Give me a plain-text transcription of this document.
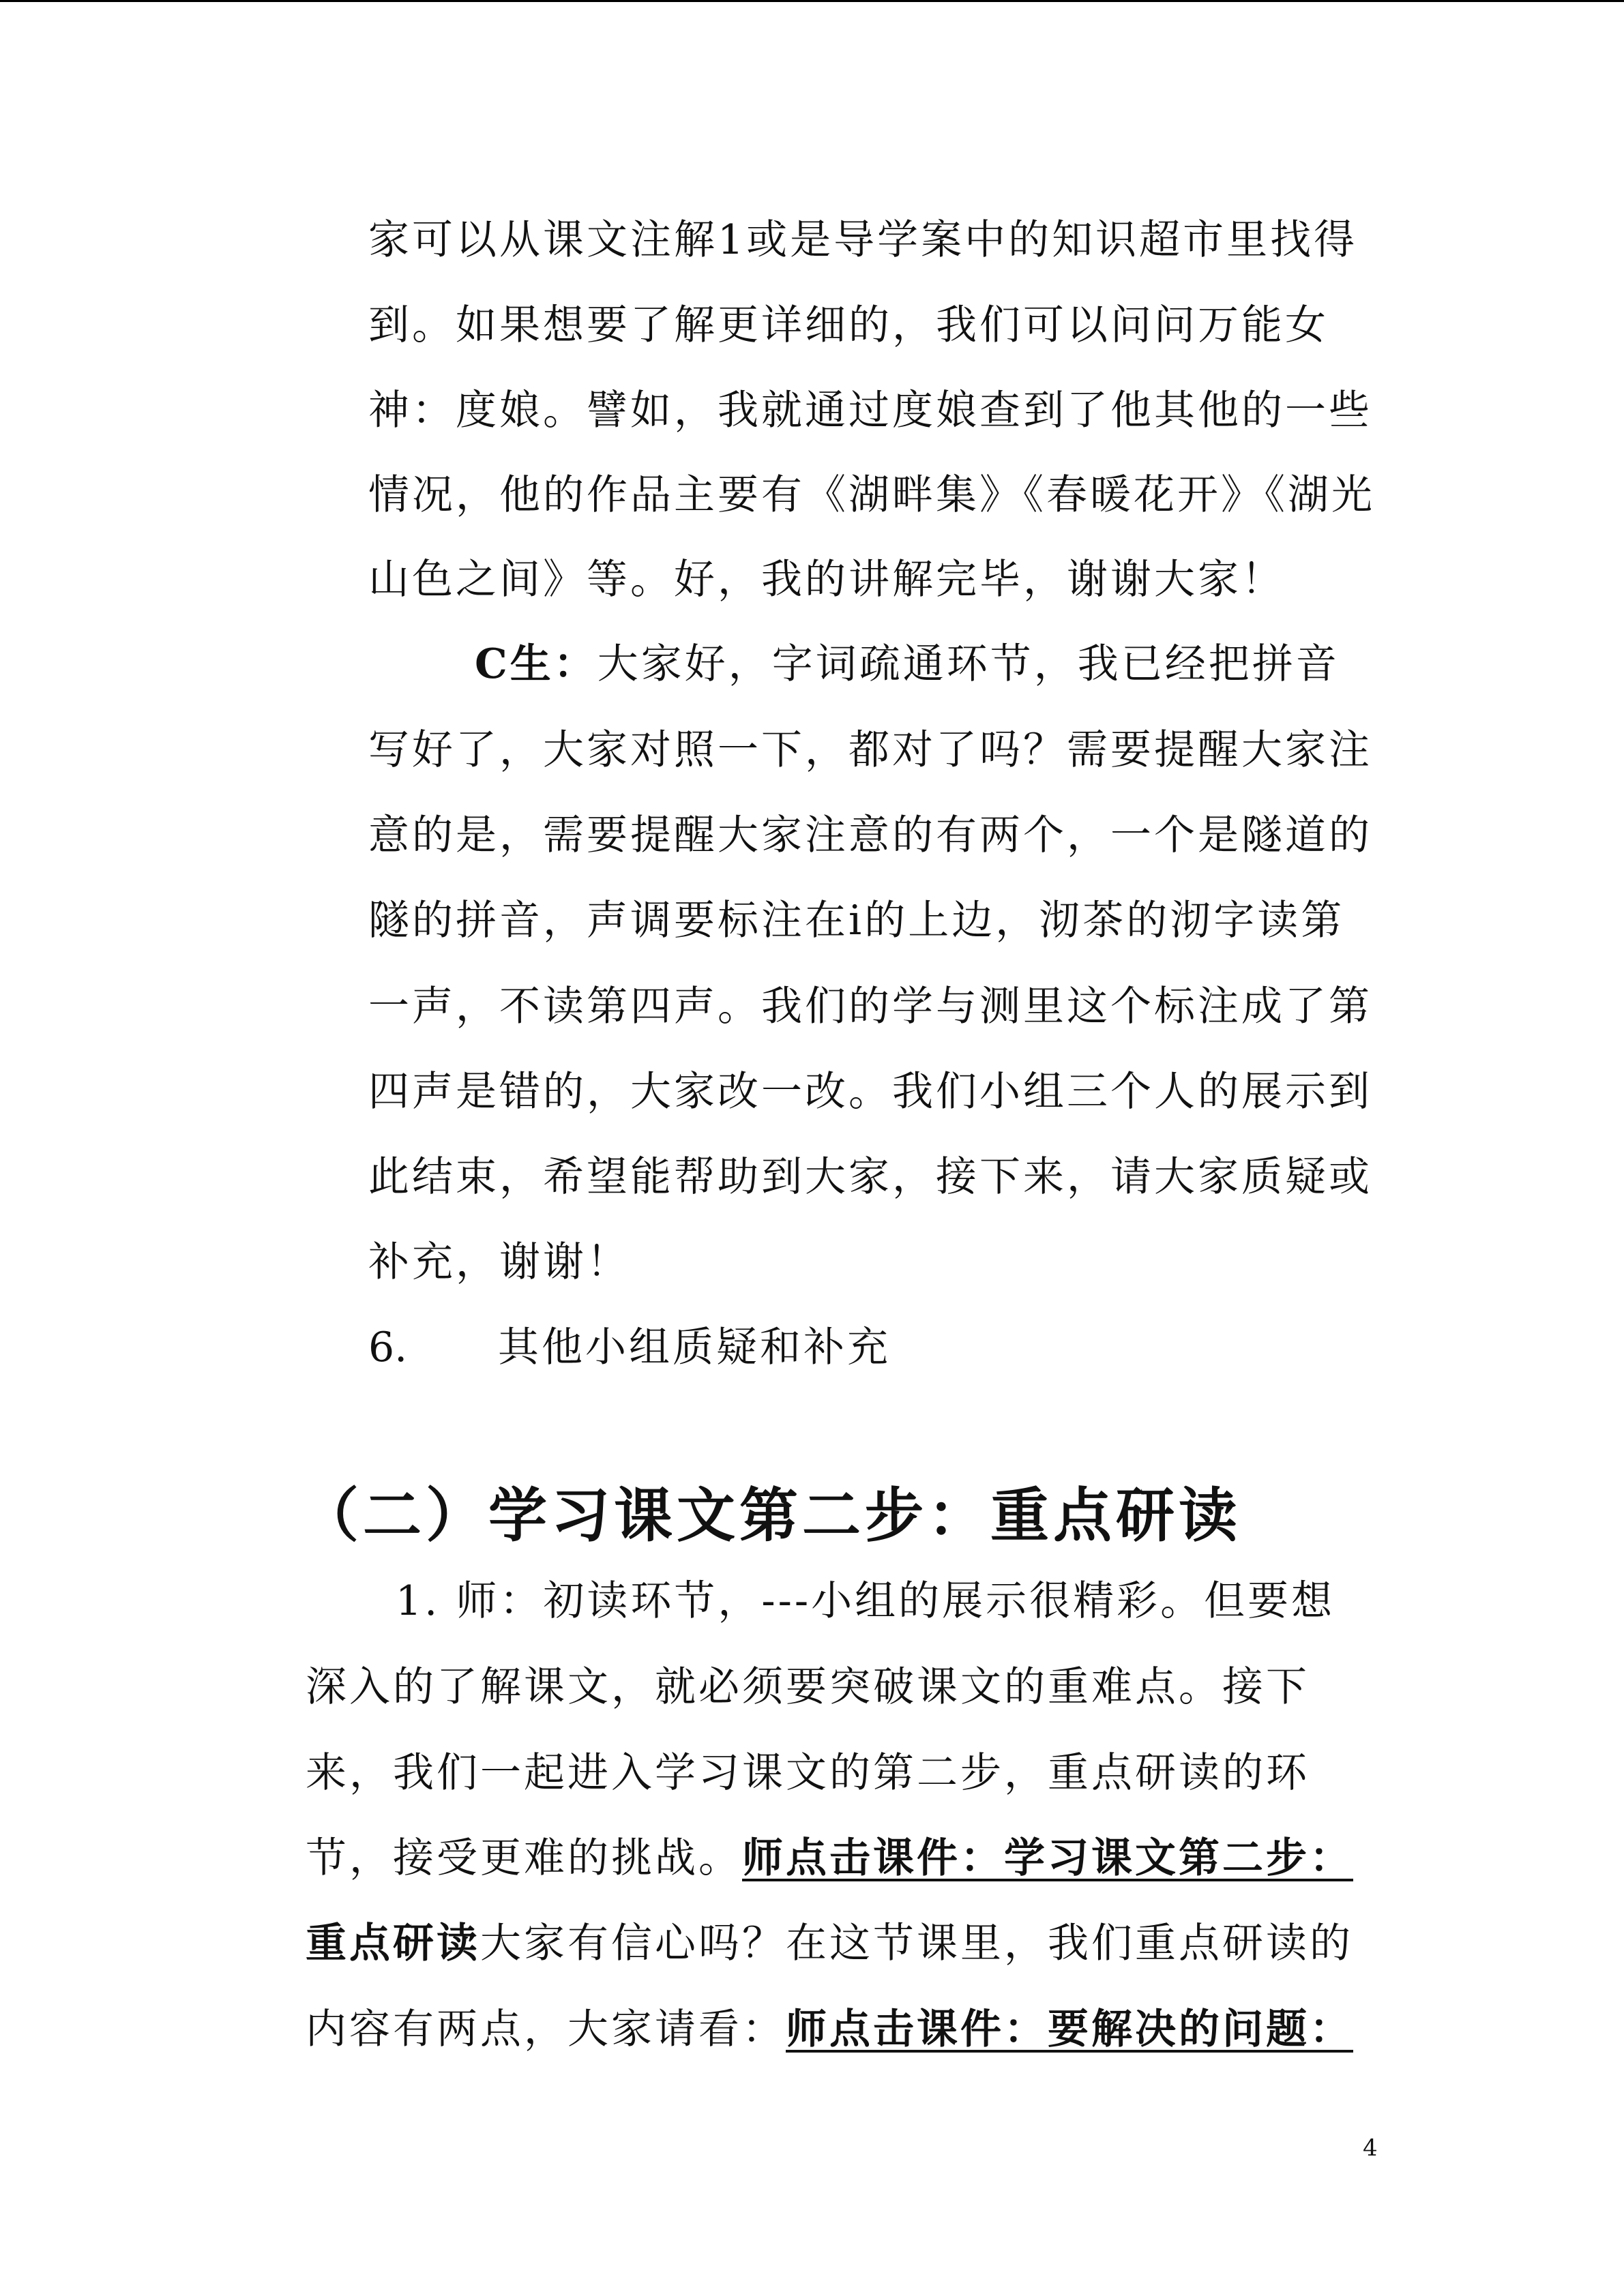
家可以从课文注解1或是导学案中的知识超市里找得
到。如果想要了解更详细的，我们可以问问万能女
神：度娘。譬如，我就通过度娘查到了他其他的一些
情况，他的作品主要有《湖畔集》《春暖花开》《湖光
山色之间》等。好，我的讲解完毕，谢谢大家！
C生：大家好，字词疏通环节，我已经把拼音
写好了，大家对照一下，都对了吗？需要提醒大家注
意的是，需要提醒大家注意的有两个，一个是隧道的
隧的拼音，声调要标注在i的上边，沏茶的沏字读第
一声，不读第四声。我们的学与测里这个标注成了第
四声是错的，大家改一改。我们小组三个人的展示到
此结束，希望能帮助到大家，接下来，请大家质疑或
补充，谢谢！
6. 其他小组质疑和补充
（二）学习课文第二步：重点研读
1. 师：初读环节，---小组的展示很精彩。但要想
深入的了解课文，就必须要突破课文的重难点。接下
来，我们一起进入学习课文的第二步，重点研读的环
节，接受更难的挑战。师点击课件：学习课文第二步：
重点研读大家有信心吗？在这节课里，我们重点研读的
内容有两点，大家请看：师点击课件：要解决的问题：
4
